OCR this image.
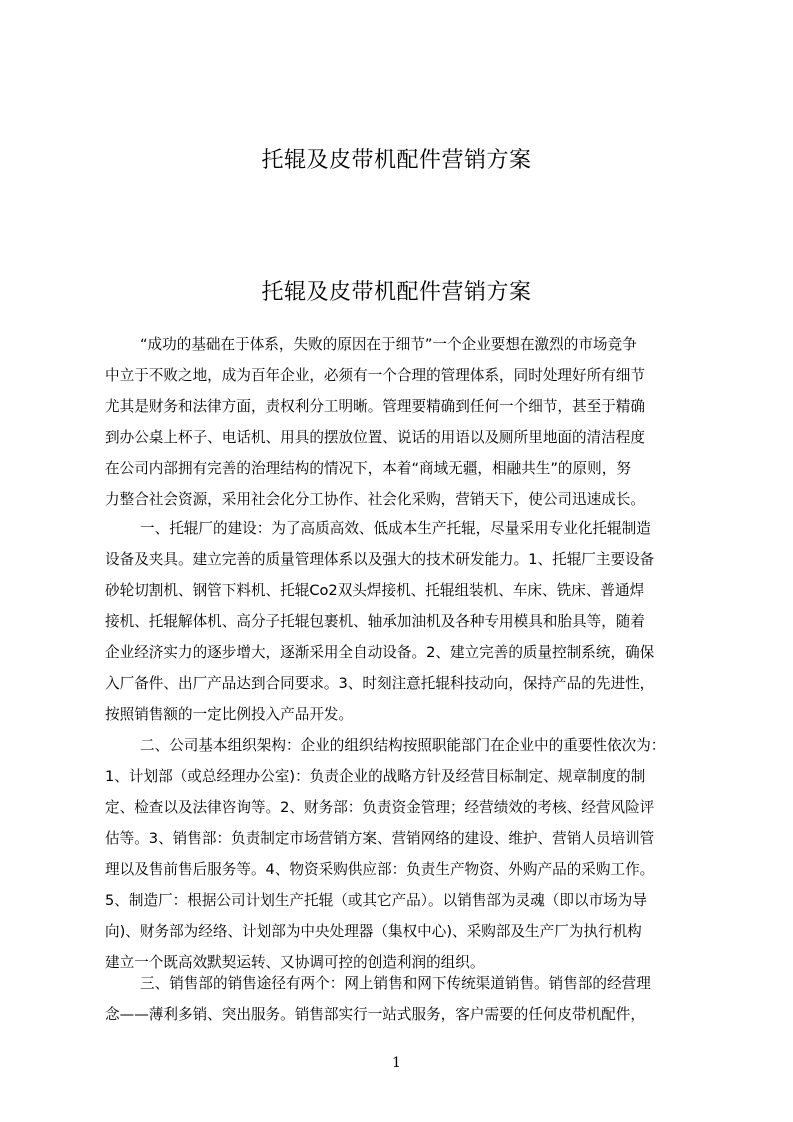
托辊及皮带机配件营销方案
托辊及皮带机配件营销方案
“成功的基础在于体系，失败的原因在于细节”一个企业要想在激烈的市场竞争
中立于不败之地，成为百年企业，必须有一个合理的管理体系，同时处理好所有细节
尤其是财务和法律方面，责权利分工明晰。管理要精确到任何一个细节，甚至于精确
到办公桌上杯子、电话机、用具的摆放位置、说话的用语以及厕所里地面的清洁程度
在公司内部拥有完善的治理结构的情况下，本着“商域无疆，相融共生”的原则，努
力整合社会资源，采用社会化分工协作、社会化采购，营销天下，使公司迅速成长。
一、托辊厂的建设：为了高质高效、低成本生产托辊，尽量采用专业化托辊制造
设备及夹具。建立完善的质量管理体系以及强大的技术研发能力。1、托辊厂主要设备
砂轮切割机、钢管下料机、托辊Co2双头焊接机、托辊组装机、车床、铣床、普通焊
接机、托辊解体机、高分子托辊包裹机、轴承加油机及各种专用模具和胎具等，随着
企业经济实力的逐步增大，逐渐采用全自动设备。2、建立完善的质量控制系统，确保
入厂备件、出厂产品达到合同要求。3、时刻注意托辊科技动向，保持产品的先进性，
按照销售额的一定比例投入产品开发。
二、公司基本组织架构：企业的组织结构按照职能部门在企业中的重要性依次为：
1、计划部（或总经理办公室)：负责企业的战略方针及经营目标制定、规章制度的制
定、检查以及法律咨询等。2、财务部：负责资金管理；经营绩效的考核、经营风险评
估等。3、销售部：负责制定市场营销方案、营销网络的建设、维护、营销人员培训管
理以及售前售后服务等。4、物资采购供应部：负责生产物资、外购产品的采购工作。
5、制造厂：根据公司计划生产托辊（或其它产品）。以销售部为灵魂（即以市场为导
向)、财务部为经络、计划部为中央处理器（集权中心)、采购部及生产厂为执行机构
建立一个既高效默契运转、又协调可控的创造利润的组织。
三、销售部的销售途径有两个：网上销售和网下传统渠道销售。销售部的经营理
念——薄利多销、突出服务。销售部实行一站式服务，客户需要的任何皮带机配件，
1
